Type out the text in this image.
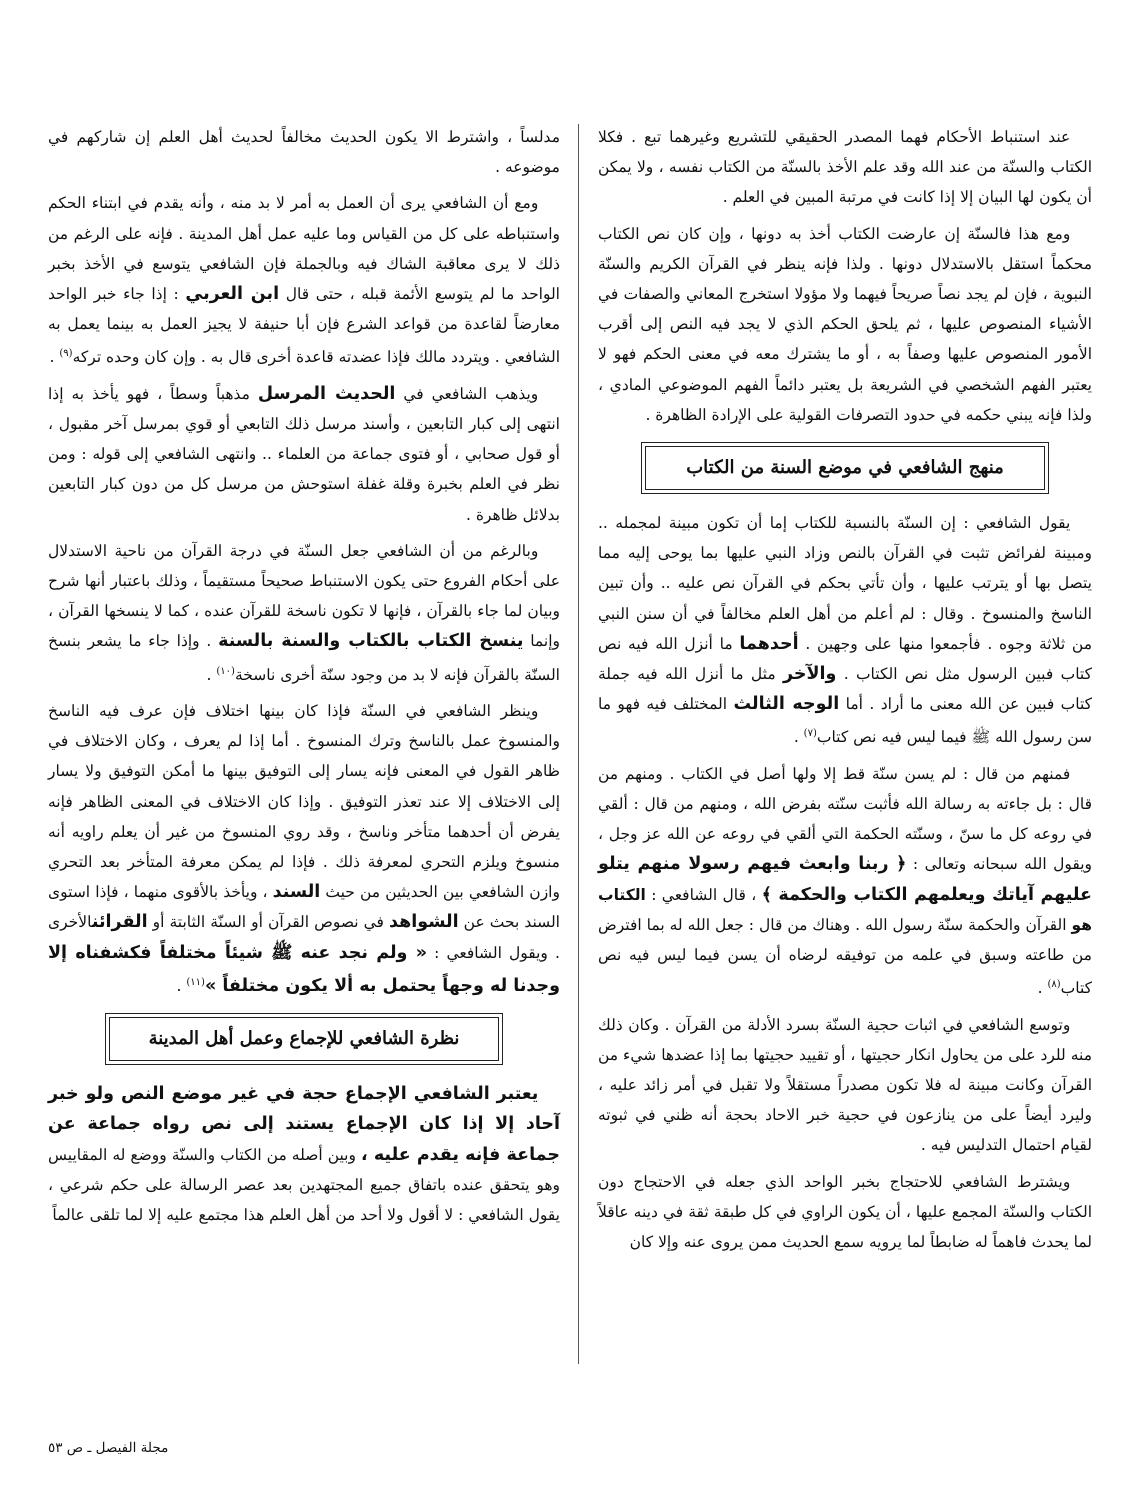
عند استنباط الأحكام فهما المصدر الحقيقي للتشريع وغيرهما تبع . فكلا الكتاب والسنّة من عند الله وقد علم الأخذ بالسنّة من الكتاب نفسه ، ولا يمكن أن يكون لها البيان إلا إذا كانت في مرتبة المبين في العلم .

ومع هذا فالسنّة إن عارضت الكتاب أخذ به دونها ، وإن كان نص الكتاب محكماً استقل بالاستدلال دونها . ولذا فإنه ينظر في القرآن الكريم والسنّة النبوية ، فإن لم يجد نصاً صريحاً فيهما ولا مؤولا استخرج المعاني والصفات في الأشياء المنصوص عليها ، ثم يلحق الحكم الذي لا يجد فيه النص إلى أقرب الأمور المنصوص عليها وصفاً به ، أو ما يشترك معه في معنى الحكم فهو لا يعتبر الفهم الشخصي في الشريعة بل يعتبر دائماً الفهم الموضوعي المادي ، ولذا فإنه يبني حكمه في حدود التصرفات القولية على الإرادة الظاهرة .

منهج الشافعي في موضع السنة من الكتاب

يقول الشافعي : إن السنّة بالنسبة للكتاب إما أن تكون مبينة لمجمله .. ومبينة لفرائض تثبت في القرآن بالنص وزاد النبي عليها بما يوحى إليه مما يتصل بها أو يترتب عليها ، وأن تأتي بحكم في القرآن نص عليه .. وأن تبين الناسخ والمنسوخ . وقال : لم أعلم من أهل العلم مخالفاً في أن سنن النبي من ثلاثة وجوه . فأجمعوا منها على وجهين . أحدهما ما أنزل الله فيه نص كتاب فبين الرسول مثل نص الكتاب . والآخر مثل ما أنزل الله فيه جملة كتاب فبين عن الله معنى ما أراد . أما الوجه الثالث المختلف فيه فهو ما سن رسول الله ﷺ فيما ليس فيه نص كتاب$^{(٧)}$ .

فمنهم من قال : لم يسن سنّة قط إلا ولها أصل في الكتاب . ومنهم من قال : بل جاءته به رسالة الله فأثبت سنّته بفرض الله ، ومنهم من قال : ألقي في روعه كل ما سنّ ، وسنّته الحكمة التي ألقي في روعه عن الله عز وجل ، ويقول الله سبحانه وتعالى : ﴿ ربنا وابعث فيهم رسولا منهم يتلو عليهم آياتك ويعلمهم الكتاب والحكمة ﴾ ، قال الشافعي : الكتاب هو القرآن والحكمة سنّة رسول الله . وهناك من قال : جعل الله له بما افترض من طاعته وسبق في علمه من توفيقه لرضاه أن يسن فيما ليس فيه نص كتاب$^{(٨)}$ .

وتوسع الشافعي في اثبات حجية السنّة بسرد الأدلة من القرآن . وكان ذلك منه للرد على من يحاول انكار حجيتها ، أو تقييد حجيتها بما إذا عضدها شيء من القرآن وكانت مبينة له فلا تكون مصدراً مستقلاً ولا تقبل في أمر زائد عليه ، وليرد أيضاً على من ينازعون في حجية خبر الاحاد بحجة أنه ظني في ثبوته لقيام احتمال التدليس فيه .

ويشترط الشافعي للاحتجاج بخبر الواحد الذي جعله في الاحتجاج دون الكتاب والسنّة المجمع عليها ، أن يكون الراوي في كل طبقة ثقة في دينه عاقلاً لما يحدث فاهماً له ضابطاً لما يرويه سمع الحديث ممن يروى عنه وإلا كان

مدلساً ، واشترط الا يكون الحديث مخالفاً لحديث أهل العلم إن شاركهم في موضوعه .

ومع أن الشافعي يرى أن العمل به أمر لا بد منه ، وأنه يقدم في ابتناء الحكم واستنباطه على كل من القياس وما عليه عمل أهل المدينة . فإنه على الرغم من ذلك لا يرى معاقبة الشاك فيه وبالجملة فإن الشافعي يتوسع في الأخذ بخبر الواحد ما لم يتوسع الأئمة قبله ، حتى قال ابن العربي : إذا جاء خبر الواحد معارضاً لقاعدة من قواعد الشرع فإن أبا حنيفة لا يجيز العمل به بينما يعمل به الشافعي . ويتردد مالك فإذا عضدته قاعدة أخرى قال به . وإن كان وحده تركه$^{(٩)}$ .

ويذهب الشافعي في الحديث المرسل مذهباً وسطاً ، فهو يأخذ به إذا انتهى إلى كبار التابعين ، وأسند مرسل ذلك التابعي أو قوي بمرسل آخر مقبول ، أو قول صحابي ، أو فتوى جماعة من العلماء .. وانتهى الشافعي إلى قوله : ومن نظر في العلم بخبرة وقلة غفلة استوحش من مرسل كل من دون كبار التابعين بدلائل ظاهرة .

وبالرغم من أن الشافعي جعل السنّة في درجة القرآن من ناحية الاستدلال على أحكام الفروع حتى يكون الاستنباط صحيحاً مستقيماً ، وذلك باعتبار أنها شرح وبيان لما جاء بالقرآن ، فإنها لا تكون ناسخة للقرآن عنده ، كما لا ينسخها القرآن ، وإنما ينسخ الكتاب بالكتاب والسنة بالسنة . وإذا جاء ما يشعر بنسخ السنّة بالقرآن فإنه لا بد من وجود سنّة أخرى ناسخة$^{(١٠)}$ .

وينظر الشافعي في السنّة فإذا كان بينها اختلاف فإن عرف فيه الناسخ والمنسوخ عمل بالناسخ وترك المنسوخ . أما إذا لم يعرف ، وكان الاختلاف في ظاهر القول في المعنى فإنه يسار إلى التوفيق بينها ما أمكن التوفيق ولا يسار إلى الاختلاف إلا عند تعذر التوفيق . وإذا كان الاختلاف في المعنى الظاهر فإنه يفرض أن أحدهما متأخر وناسخ ، وقد روي المنسوخ من غير أن يعلم راويه أنه منسوخ ويلزم التحري لمعرفة ذلك . فإذا لم يمكن معرفة المتأخر بعد التحري وازن الشافعي بين الحديثين من حيث السند ، ويأخذ بالأقوى منهما ، فإذا استوى السند بحث عن الشواهد في نصوص القرآن أو السنّة الثابتة أو القرائنالأخرى . ويقول الشافعي : « ولم نجد عنه ﷺ شيئاً مختلفاً فكشفناه إلا وجدنا له وجهاً يحتمل به ألا يكون مختلفاً »$^{(١١)}$ .

نظرة الشافعي للإجماع وعمل أهل المدينة

يعتبر الشافعي الإجماع حجة في غير موضع النص ولو خبر آحاد إلا إذا كان الإجماع يستند إلى نص رواه جماعة عن جماعة فإنه يقدم عليه ، وبين أصله من الكتاب والسنّة ووضع له المقاييس وهو يتحقق عنده باتفاق جميع المجتهدين بعد عصر الرسالة على حكم شرعي ، يقول الشافعي : لا أقول ولا أحد من أهل العلم هذا مجتمع عليه إلا لما تلقى عالماً

مجلة الفيصل ـ ص ٥٣
